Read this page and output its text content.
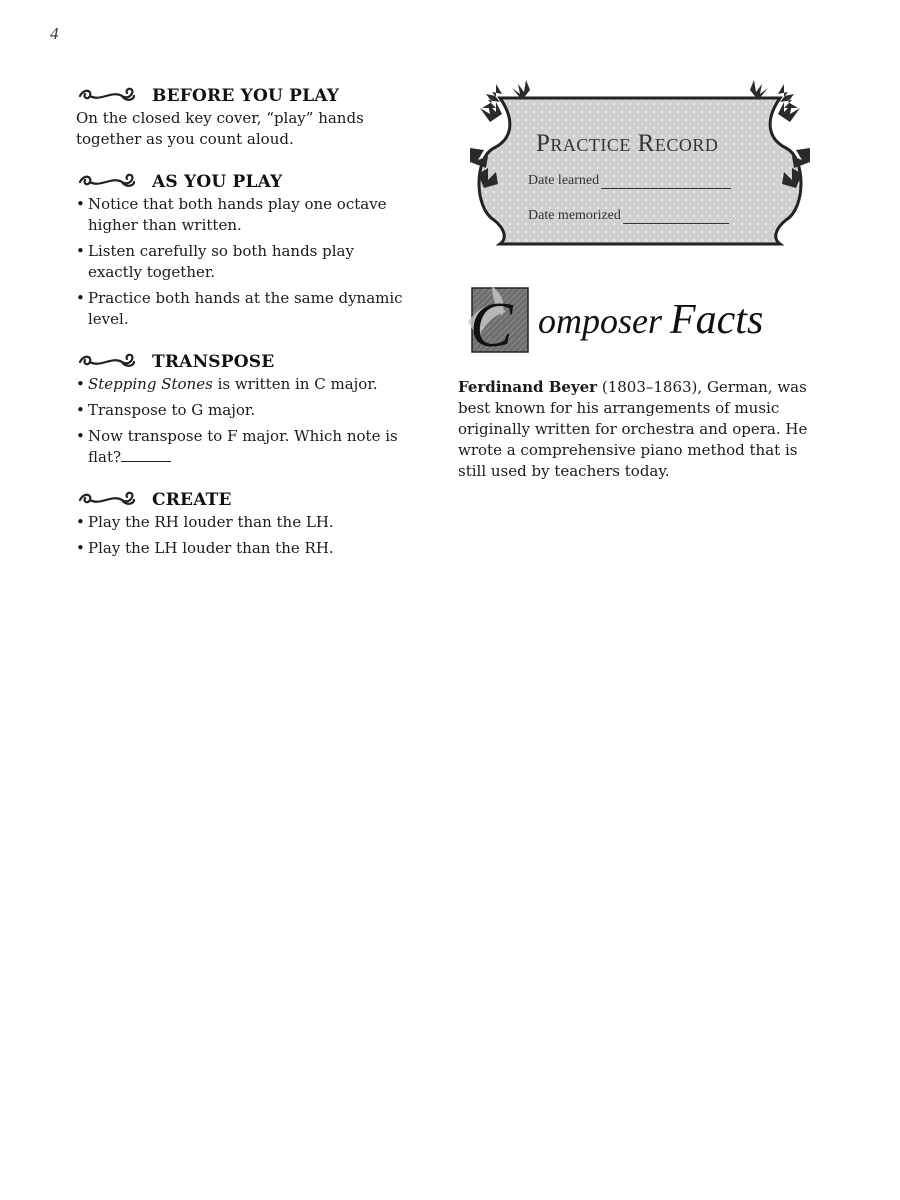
4
BEFORE YOU PLAY

On the closed key cover, “play” hands together as you count aloud.

AS YOU PLAY
• Notice that both hands play one octave higher than written.
• Listen carefully so both hands play exactly together.
• Practice both hands at the same dynamic level.
TRANSPOSE
• Stepping Stones is written in C major.
• Transpose to G major.
• Now transpose to F major. Which note is flat?
CREATE
• Play the RH louder than the LH.
• Play the LH louder than the RH.
Practice Record
Date learned
Date memorized
C omposer Facts

Ferdinand Beyer (1803–1863), German, was best known for his arrangements of music originally written for orchestra and opera. He wrote a comprehensive piano method that is still used by teachers today.
